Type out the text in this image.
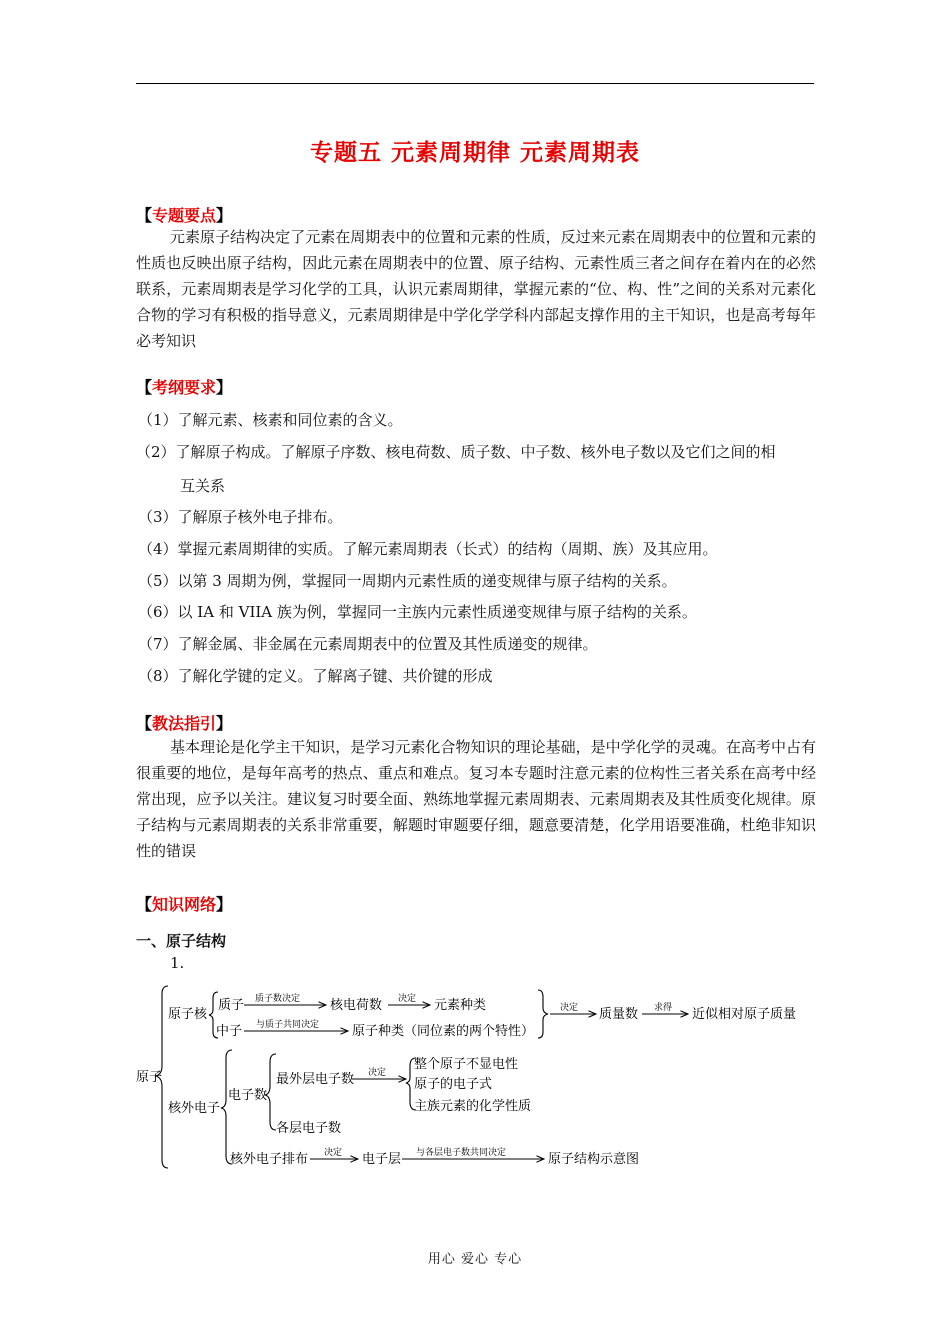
专题五 元素周期律 元素周期表
【专题要点】
元素原子结构决定了元素在周期表中的位置和元素的性质，反过来元素在周期表中的位置和元素的性质也反映出原子结构，因此元素在周期表中的位置、原子结构、元素性质三者之间存在着内在的必然联系，元素周期表是学习化学的工具，认识元素周期律，掌握元素的“位、构、性”之间的关系对元素化合物的学习有积极的指导意义，元素周期律是中学化学学科内部起支撑作用的主干知识，也是高考每年必考知识
【考纲要求】
（1）了解元素、核素和同位素的含义。
（2）了解原子构成。了解原子序数、核电荷数、质子数、中子数、核外电子数以及它们之间的相
互关系
（3）了解原子核外电子排布。
（4）掌握元素周期律的实质。了解元素周期表（长式）的结构（周期、族）及其应用。
（5）以第 3 周期为例，掌握同一周期内元素性质的递变规律与原子结构的关系。
（6）以 IA 和 VIIA 族为例，掌握同一主族内元素性质递变规律与原子结构的关系。
（7）了解金属、非金属在元素周期表中的位置及其性质递变的规律。
（8）了解化学键的定义。了解离子键、共价键的形成
【教法指引】
基本理论是化学主干知识，是学习元素化合物知识的理论基础，是中学化学的灵魂。在高考中占有很重要的地位，是每年高考的热点、重点和难点。复习本专题时注意元素的位构性三者关系在高考中经常出现，应予以关注。建议复习时要全面、熟练地掌握元素周期表、元素周期表及其性质变化规律。原子结构与元素周期表的关系非常重要，解题时审题要仔细，题意要清楚，化学用语要准确，杜绝非知识性的错误
【知识网络】
一、原子结构
1.
原子
原子核
质子 质子数决定 核电荷数 决定 元素种类
中子 与质子共同决定	原子种类（同位素的两个特性）
决定 质量数 求得 近似相对原子质量
核外电子
电子数
最外层电子数 决定
整个原子不显电性
原子的电子式
主族元素的化学性质
各层电子数
核外电子排布 决定 电子层 与各层电子数共同决定	原子结构示意图
用心 爱心 专心
